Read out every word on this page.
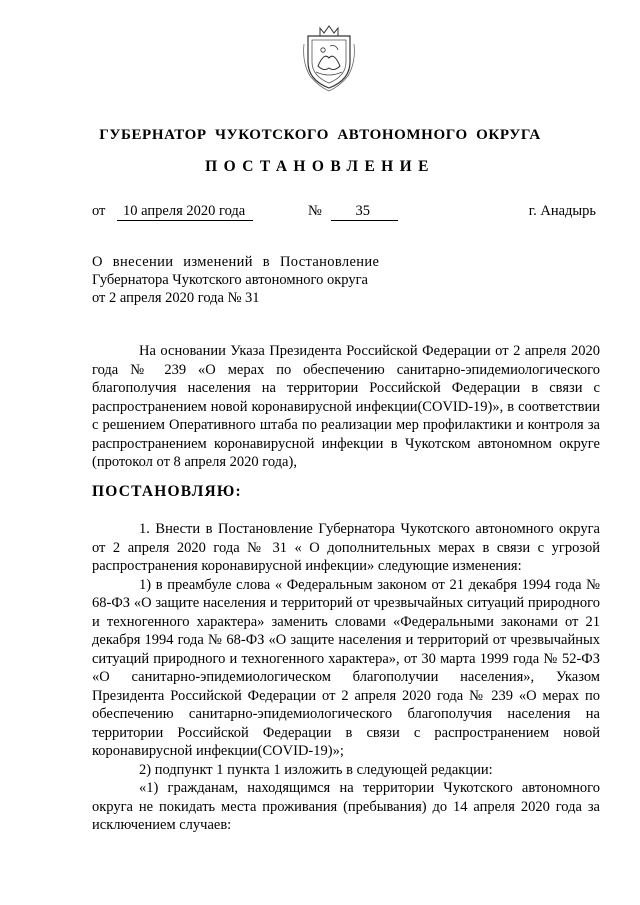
ГУБЕРНАТОР ЧУКОТСКОГО АВТОНОМНОГО ОКРУГА
ПОСТАНОВЛЕНИЕ
от 10 апреля 2020 года	№ 35	г. Анадырь
О внесении изменений в Постановление
Губернатора Чукотского автономного округа
от 2 апреля 2020 года № 31

На основании Указа Президента Российской Федерации от 2 апреля 2020 года № 239 «О мерах по обеспечению санитарно-эпидемиологического благополучия населения на территории Российской Федерации в связи с распространением новой коронавирусной инфекции(COVID-19)», в соответствии с решением Оперативного штаба по реализации мер профилактики и контроля за распространением коронавирусной инфекции в Чукотском автономном округе (протокол от 8 апреля 2020 года),

ПОСТАНОВЛЯЮ:

1. Внести в Постановление Губернатора Чукотского автономного округа от 2 апреля 2020 года № 31 « О дополнительных мерах в связи с угрозой распространения коронавирусной инфекции» следующие изменения:

1) в преамбуле слова « Федеральным законом от 21 декабря 1994 года № 68-ФЗ «О защите населения и территорий от чрезвычайных ситуаций природного и техногенного характера» заменить словами «Федеральными законами от 21 декабря 1994 года № 68-ФЗ «О защите населения и территорий от чрезвычайных ситуаций природного и техногенного характера», от 30 марта 1999 года № 52-ФЗ «О санитарно-эпидемиологическом благополучии населения», Указом Президента Российской Федерации от 2 апреля 2020 года № 239 «О мерах по обеспечению санитарно-эпидемиологического благополучия населения на территории Российской Федерации в связи с распространением новой коронавирусной инфекции(COVID-19)»;

2) подпункт 1 пункта 1 изложить в следующей редакции:

«1) гражданам, находящимся на территории Чукотского автономного округа не покидать места проживания (пребывания) до 14 апреля 2020 года за исключением случаев:
